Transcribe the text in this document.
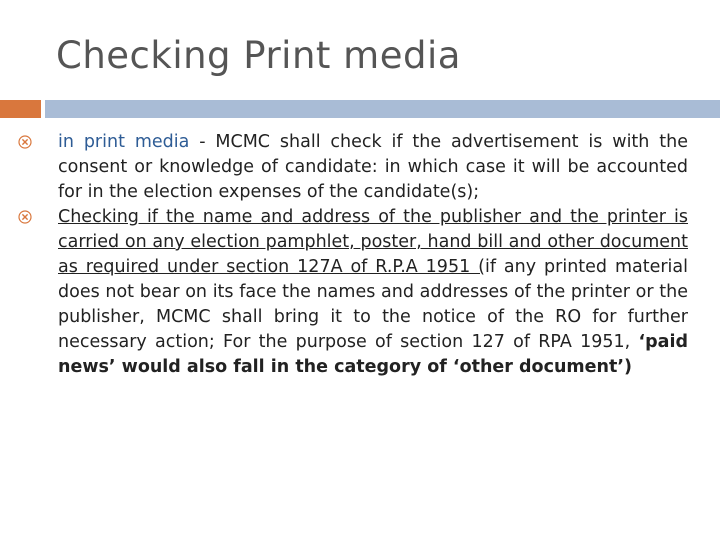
Checking Print media
in print media - MCMC shall check if the advertisement is with the consent or knowledge of candidate: in which case it will be accounted for in the election expenses of the candidate(s);
Checking if the name and address of the publisher and the printer is carried on any election pamphlet, poster, hand bill and other document as required under section 127A of R.P.A 1951 (if any printed material does not bear on its face the names and addresses of the printer or the publisher, MCMC shall bring it to the notice of the RO for further necessary action; For the purpose of section 127 of RPA 1951, ‘paid news’ would also fall in the category of ‘other document’)
